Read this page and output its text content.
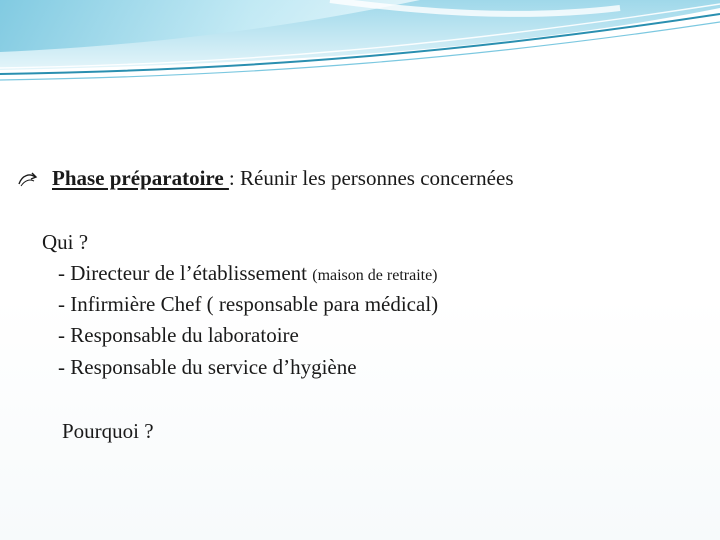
Phase préparatoire : Réunir les personnes concernées
Qui ?
- Directeur de l’établissement (maison de retraite)
- Infirmière Chef ( responsable para médical)
- Responsable du laboratoire
- Responsable du service d’hygiène
Pourquoi ?
